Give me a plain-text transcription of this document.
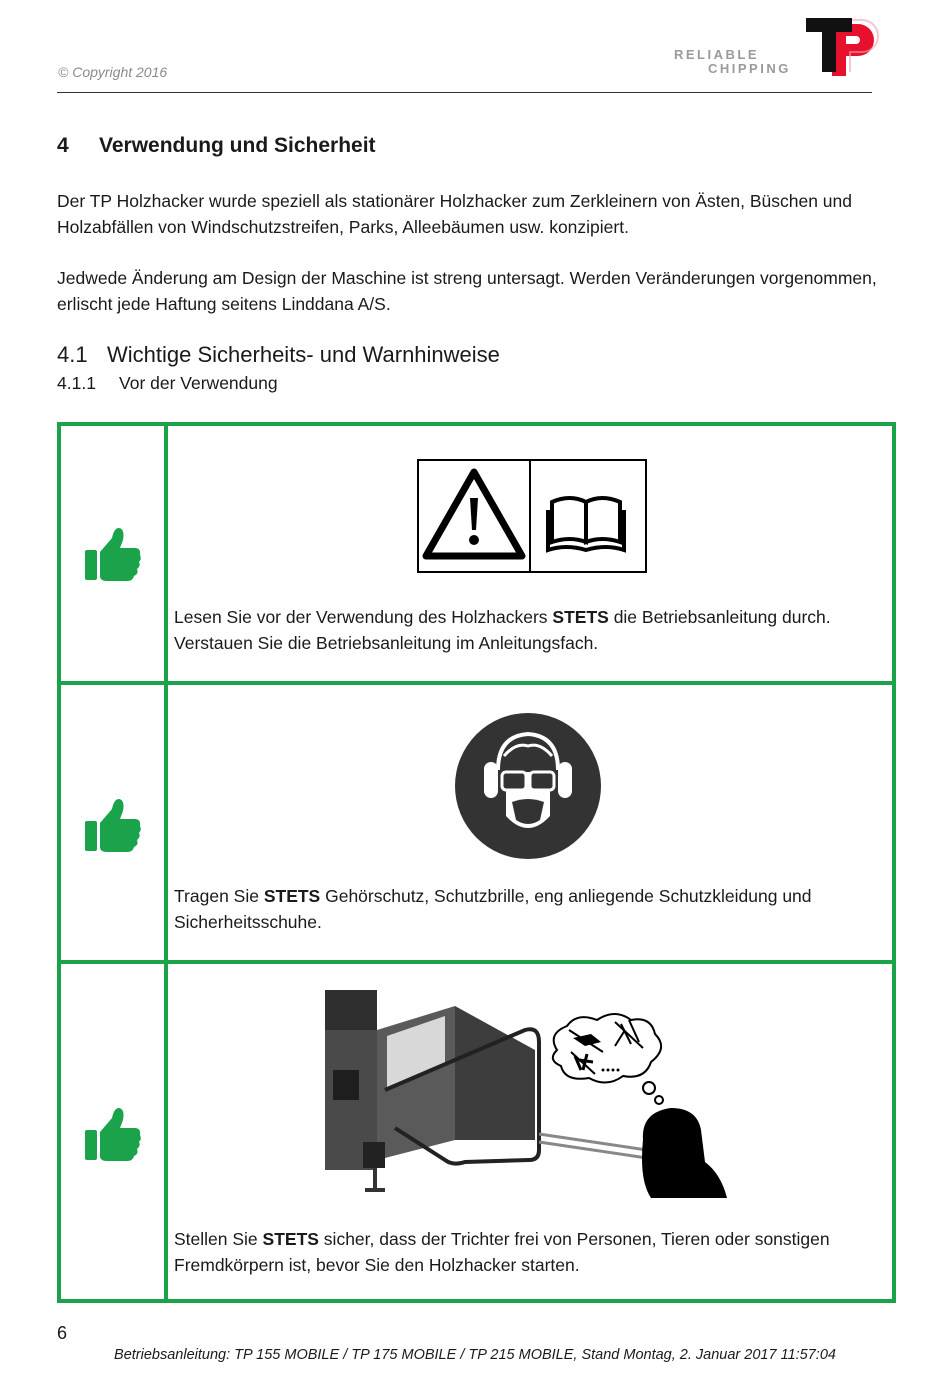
© Copyright 2016
RELIABLE
CHIPPING
4 Verwendung und Sicherheit
Der TP Holzhacker wurde speziell als stationärer Holzhacker zum Zerkleinern von Ästen, Büschen und Holzabfällen von Windschutzstreifen, Parks, Alleebäumen usw. konzipiert.
Jedwede Änderung am Design der Maschine ist streng untersagt. Werden Veränderungen vorgenommen, erlischt jede Haftung seitens Linddana A/S.
4.1 Wichtige Sicherheits- und Warnhinweise
4.1.1 Vor der Verwendung
Lesen Sie vor der Verwendung des Holzhackers STETS die Betriebsanleitung durch. Verstauen Sie die Betriebsanleitung im Anleitungsfach.
Tragen Sie STETS Gehörschutz, Schutzbrille, eng anliegende Schutzkleidung und Sicherheitsschuhe.
Stellen Sie STETS sicher, dass der Trichter frei von Personen, Tieren oder sonstigen Fremdkörpern ist, bevor Sie den Holzhacker starten.
6
Betriebsanleitung: TP 155 MOBILE / TP 175 MOBILE / TP 215 MOBILE, Stand Montag, 2. Januar 2017 11:57:04
